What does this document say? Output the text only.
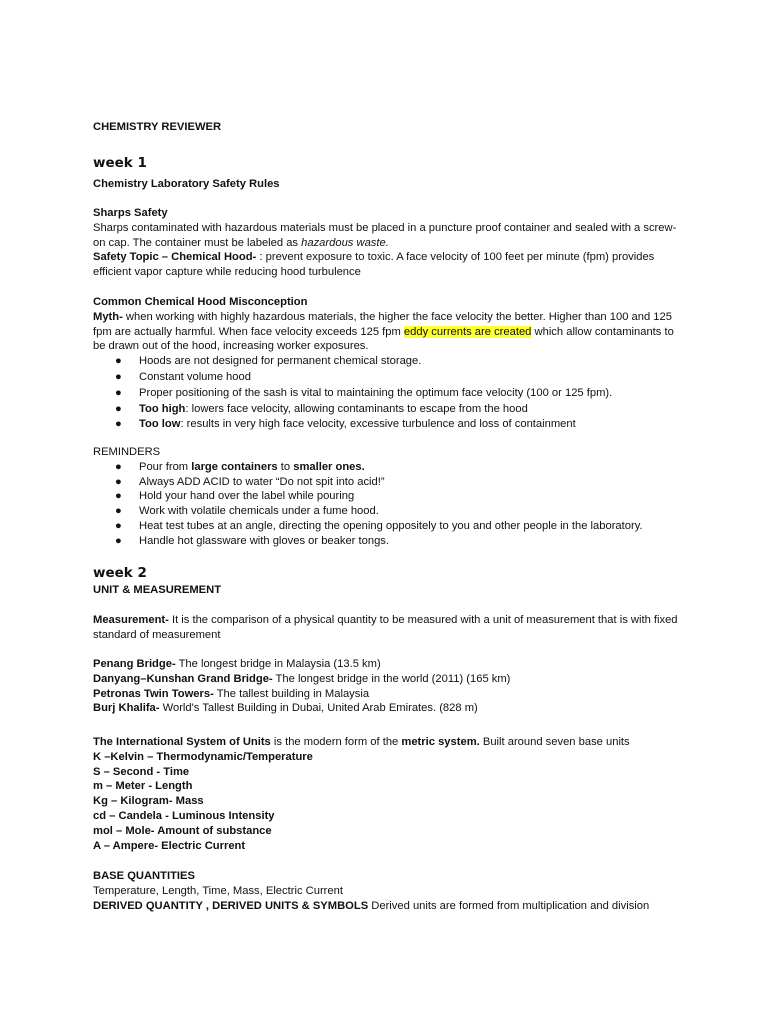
CHEMISTRY REVIEWER

week 1

Chemistry Laboratory Safety Rules

Sharps Safety

Sharps contaminated with hazardous materials must be placed in a puncture proof container and sealed with a screw-on cap. The container must be labeled as hazardous waste.

Safety Topic – Chemical Hood- : prevent exposure to toxic. A face velocity of 100 feet per minute (fpm) provides efficient vapor capture while reducing hood turbulence

Common Chemical Hood Misconception

Myth- when working with highly hazardous materials, the higher the face velocity the better. Higher than 100 and 125 fpm are actually harmful. When face velocity exceeds 125 fpm eddy currents are created which allow contaminants to be drawn out of the hood, increasing worker exposures.

● Hoods are not designed for permanent chemical storage.
● Constant volume hood
● Proper positioning of the sash is vital to maintaining the optimum face velocity (100 or 125 fpm).
● Too high: lowers face velocity, allowing contaminants to escape from the hood
● Too low: results in very high face velocity, excessive turbulence and loss of containment

REMINDERS

● Pour from large containers to smaller ones.
● Always ADD ACID to water “Do not spit into acid!”
● Hold your hand over the label while pouring
● Work with volatile chemicals under a fume hood.
● Heat test tubes at an angle, directing the opening oppositely to you and other people in the laboratory.
● Handle hot glassware with gloves or beaker tongs.

week 2

UNIT & MEASUREMENT

Measurement- It is the comparison of a physical quantity to be measured with a unit of measurement that is with fixed standard of measurement

Penang Bridge- The longest bridge in Malaysia (13.5 km)

Danyang–Kunshan Grand Bridge- The longest bridge in the world (2011) (165 km)

Petronas Twin Towers- The tallest building in Malaysia

Burj Khalifa- World's Tallest Building in Dubai, United Arab Emirates. (828 m)

The International System of Units is the modern form of the metric system. Built around seven base units

K –Kelvin – Thermodynamic/Temperature

S – Second - Time

m – Meter - Length

Kg – Kilogram- Mass

cd – Candela - Luminous Intensity

mol – Mole- Amount of substance

A – Ampere- Electric Current

BASE QUANTITIES

Temperature, Length, Time, Mass, Electric Current

DERIVED QUANTITY , DERIVED UNITS & SYMBOLS Derived units are formed from multiplication and division
